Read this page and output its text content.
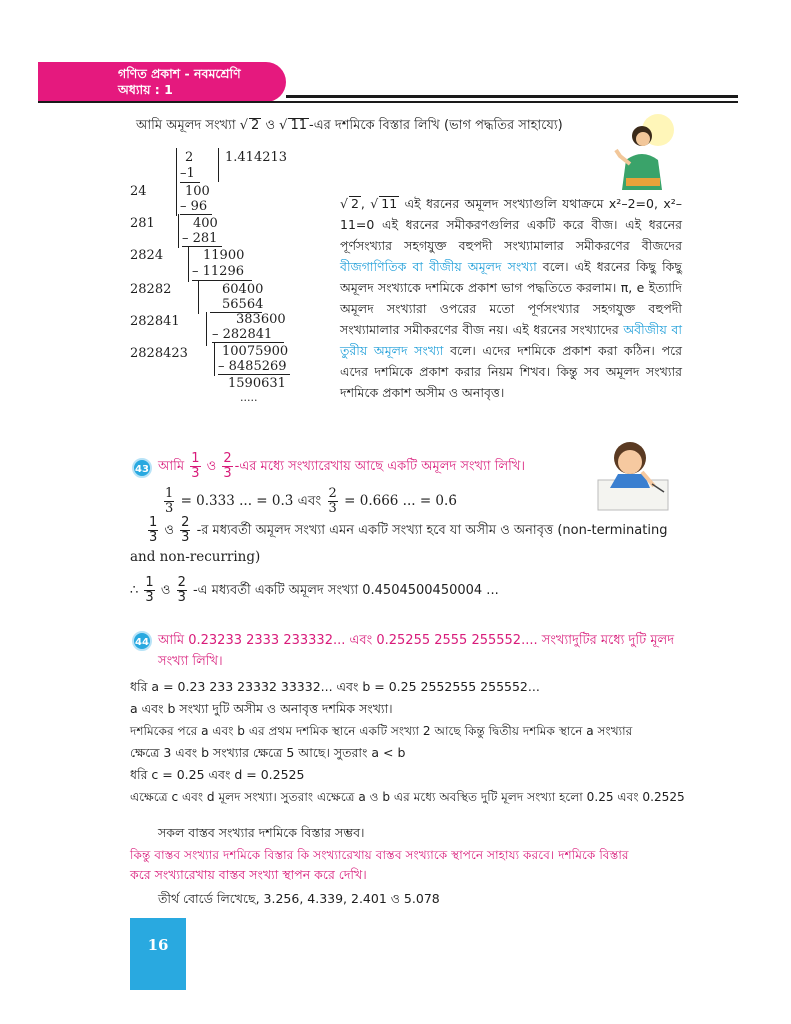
গণিত প্রকাশ - নবমশ্রেণি
অধ্যায় : 1
আমি অমূলদ সংখ্যা √ 2 ও √ 11 -এর দশমিকে বিস্তার লিখি (ভাগ পদ্ধতির সাহায্যে)
2 1.414213
–1
24	100
– 96
281	400
– 281
2824	11900
– 11296
28282	60400
56564
282841	383600
– 282841
2828423	10075900
– 8485269
1590631
.....
√ 2 , √ 11 এই ধরনের অমূলদ সংখ্যাগুলি যথাক্রমে x²–2=0, x²–11=0 এই ধরনের সমীকরণগুলির একটি করে বীজ। এই ধরনের পূর্ণসংখ্যার সহগযুক্ত বহুপদী সংখ্যামালার সমীকরণের বীজদের বীজগাণিতিক বা বীজীয় অমূলদ সংখ্যা বলে। এই ধরনের কিছু কিছু অমূলদ সংখ্যাকে দশমিকে প্রকাশ ভাগ পদ্ধতিতে করলাম। π, e ইত্যাদি অমূলদ সংখ্যারা ওপরের মতো পূর্ণসংখ্যার সহগযুক্ত বহুপদী সংখ্যামালার সমীকরণের বীজ নয়। এই ধরনের সংখ্যাদের অবীজীয় বা তুরীয় অমূলদ সংখ্যা বলে। এদের দশমিকে প্রকাশ করা কঠিন। পরে এদের দশমিকে প্রকাশ করার নিয়ম শিখব। কিন্তু সব অমূলদ সংখ্যার দশমিকে প্রকাশ অসীম ও অনাবৃত্ত।
43 আমি $\frac{1}{3}$ ও $\frac{2}{3}$ -এর মধ্যে সংখ্যারেখায় আছে একটি অমূলদ সংখ্যা লিখি।
$\frac{1}{3} = 0.333$ ... = 0.3̇ এবং $\frac{2}{3} = 0.666$ ... = 0.6̇
$\frac{1}{3}$ ও $\frac{2}{3}$ -র মধ্যবর্তী অমূলদ সংখ্যা এমন একটি সংখ্যা হবে যা অসীম ও অনাবৃত্ত (non-terminating
and non-recurring)
∴ $\frac{1}{3}$ ও $\frac{2}{3}$ -এ মধ্যবর্তী একটি অমূলদ সংখ্যা 0.4504500450004 ...
44 আমি 0.23233 2333 233332... এবং 0.25255 2555 255552.... সংখ্যাদুটির মধ্যে দুটি মূলদ
সংখ্যা লিখি।
ধরি a = 0.23 233 23332 33332... এবং b = 0.25 2552555 255552...
a এবং b সংখ্যা দুটি অসীম ও অনাবৃত্ত দশমিক সংখ্যা।
দশমিকের পরে a এবং b এর প্রথম দশমিক স্থানে একটি সংখ্যা 2 আছে কিন্তু দ্বিতীয় দশমিক স্থানে a সংখ্যার
ক্ষেত্রে 3 এবং b সংখ্যার ক্ষেত্রে 5 আছে। সুতরাং a < b
ধরি c = 0.25 এবং d = 0.2525
এক্ষেত্রে c এবং d মূলদ সংখ্যা। সুতরাং এক্ষেত্রে a ও b এর মধ্যে অবস্থিত দুটি মূলদ সংখ্যা হলো 0.25 এবং 0.2525
সকল বাস্তব সংখ্যার দশমিকে বিস্তার সম্ভব।
কিন্তু বাস্তব সংখ্যার দশমিকে বিস্তার কি সংখ্যারেখায় বাস্তব সংখ্যাকে স্থাপনে সাহায্য করবে। দশমিকে বিস্তার
করে সংখ্যারেখায় বাস্তব সংখ্যা স্থাপন করে দেখি।
তীর্থ বোর্ডে লিখেছে, 3.256, 4.339, 2.401 ও 5.078
16
